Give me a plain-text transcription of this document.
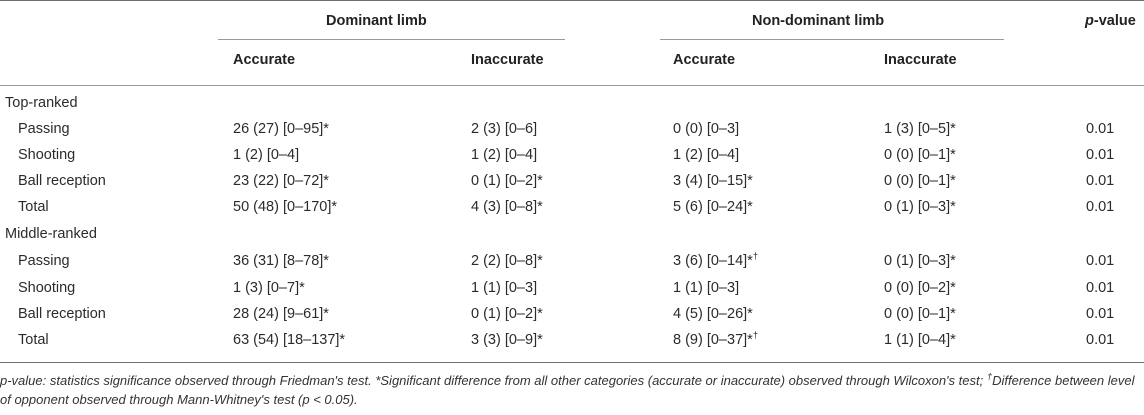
Dominant limb	Non-dominant limb	p-value
Accurate	Inaccurate	Accurate	Inaccurate
Top-ranked
Passing	26 (27) [0–95]*	2 (3) [0–6]	0 (0) [0–3]	1 (3) [0–5]*	0.01
Shooting	1 (2) [0–4]	1 (2) [0–4]	1 (2) [0–4]	0 (0) [0–1]*	0.01
Ball reception	23 (22) [0–72]*	0 (1) [0–2]*	3 (4) [0–15]*	0 (0) [0–1]*	0.01
Total	50 (48) [0–170]*	4 (3) [0–8]*	5 (6) [0–24]*	0 (1) [0–3]*	0.01
Middle-ranked
Passing	36 (31) [8–78]*	2 (2) [0–8]*	3 (6) [0–14]*†	0 (1) [0–3]*	0.01
Shooting	1 (3) [0–7]*	1 (1) [0–3]	1 (1) [0–3]	0 (0) [0–2]*	0.01
Ball reception	28 (24) [9–61]*	0 (1) [0–2]*	4 (5) [0–26]*	0 (0) [0–1]*	0.01
Total	63 (54) [18–137]*	3 (3) [0–9]*	8 (9) [0–37]*†	1 (1) [0–4]*	0.01
p-value: statistics significance observed through Friedman's test. *Significant difference from all other categories (accurate or inaccurate) observed through Wilcoxon's test; †Difference between level of opponent observed through Mann-Whitney's test (p < 0.05).
